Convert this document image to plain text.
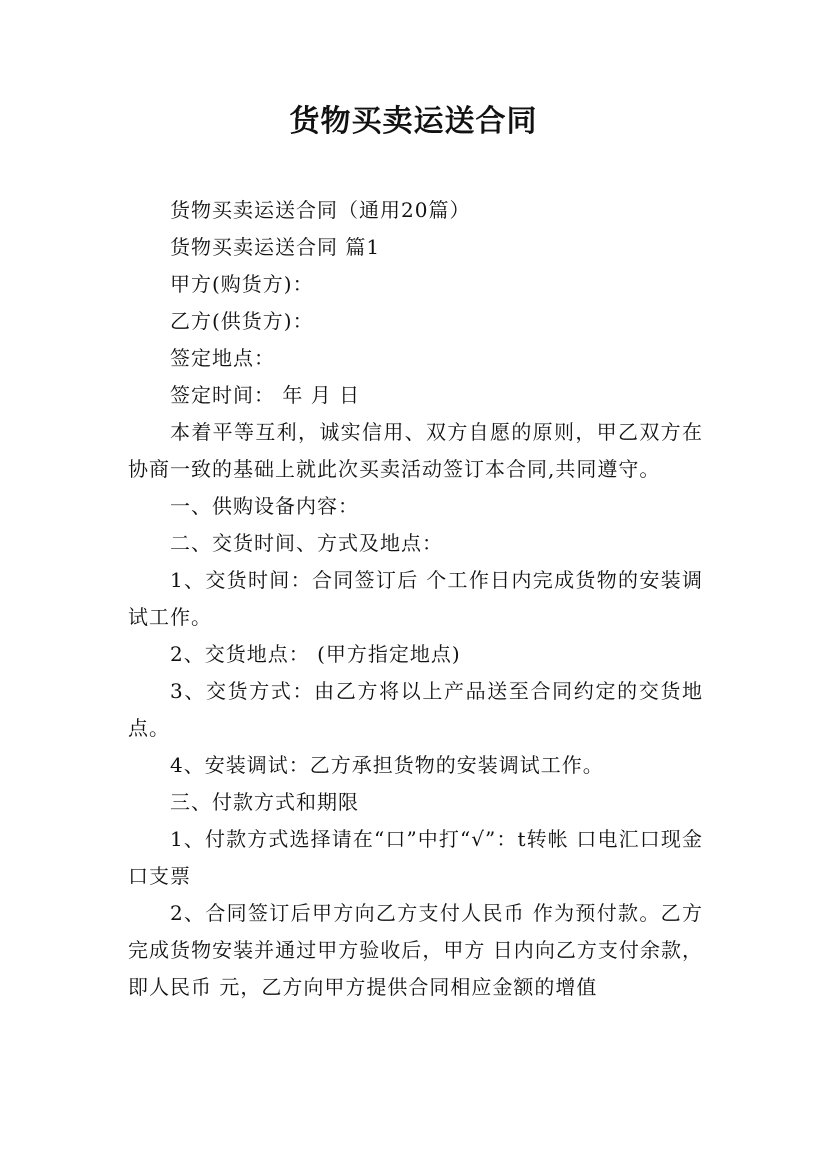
货物买卖运送合同

货物买卖运送合同（通用20篇）

货物买卖运送合同 篇1

甲方(购货方)：

乙方(供货方)：

签定地点：

签定时间： 年 月 日

本着平等互利，诚实信用、双方自愿的原则，甲乙双方在协商一致的基础上就此次买卖活动签订本合同,共同遵守。

一、供购设备内容：

二、交货时间、方式及地点：

1、交货时间：合同签订后 个工作日内完成货物的安装调试工作。

2、交货地点： (甲方指定地点)

3、交货方式：由乙方将以上产品送至合同约定的交货地点。

4、安装调试：乙方承担货物的安装调试工作。

三、付款方式和期限

1、付款方式选择请在“口”中打“√”：t转帐 口电汇口现金 口支票

2、合同签订后甲方向乙方支付人民币 作为预付款。乙方完成货物安装并通过甲方验收后，甲方 日内向乙方支付余款，即人民币 元，乙方向甲方提供合同相应金额的增值
